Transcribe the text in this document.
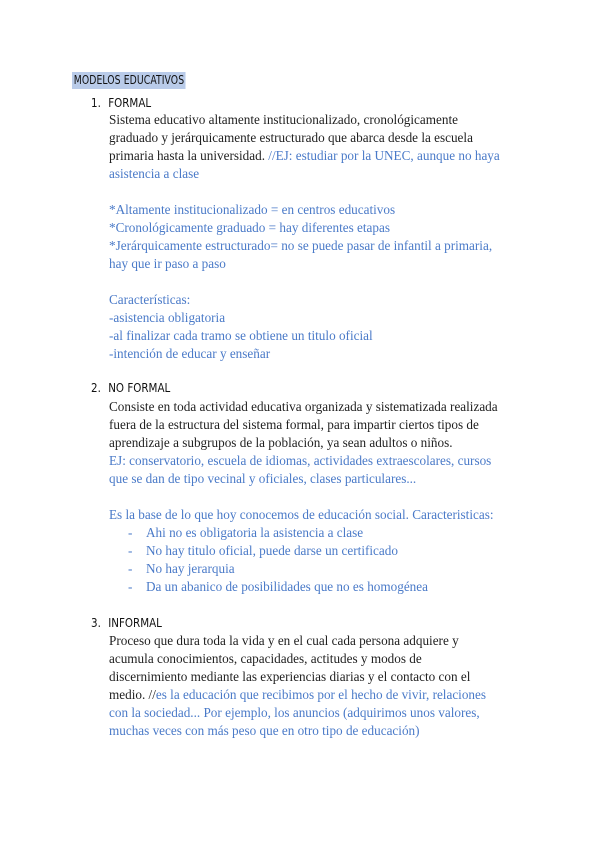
MODELOS EDUCATIVOS
1. FORMAL
Sistema educativo altamente institucionalizado, cronológicamente
graduado y jerárquicamente estructurado que abarca desde la escuela
primaria hasta la universidad. //EJ: estudiar por la UNEC, aunque no haya
asistencia a clase
*Altamente institucionalizado = en centros educativos
*Cronológicamente graduado = hay diferentes etapas
*Jerárquicamente estructurado= no se puede pasar de infantil a primaria,
hay que ir paso a paso
Características:
-asistencia obligatoria
-al finalizar cada tramo se obtiene un titulo oficial
-intención de educar y enseñar
2. NO FORMAL
Consiste en toda actividad educativa organizada y sistematizada realizada
fuera de la estructura del sistema formal, para impartir ciertos tipos de
aprendizaje a subgrupos de la población, ya sean adultos o niños.
EJ: conservatorio, escuela de idiomas, actividades extraescolares, cursos
que se dan de tipo vecinal y oficiales, clases particulares...
Es la base de lo que hoy conocemos de educación social. Caracteristicas:
- Ahi no es obligatoria la asistencia a clase
- No hay titulo oficial, puede darse un certificado
- No hay jerarquia
- Da un abanico de posibilidades que no es homogénea
3. INFORMAL
Proceso que dura toda la vida y en el cual cada persona adquiere y
acumula conocimientos, capacidades, actitudes y modos de
discernimiento mediante las experiencias diarias y el contacto con el
medio. //es la educación que recibimos por el hecho de vivir, relaciones
con la sociedad... Por ejemplo, los anuncios (adquirimos unos valores,
muchas veces con más peso que en otro tipo de educación)
